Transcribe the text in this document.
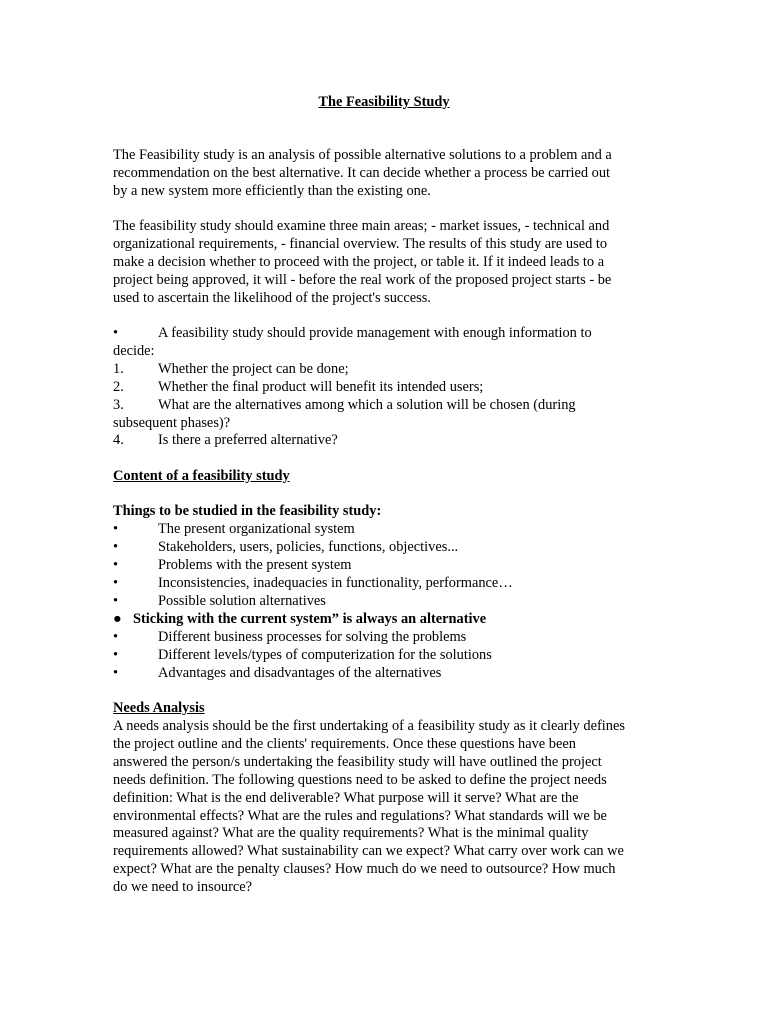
The Feasibility Study
The Feasibility study is an analysis of possible alternative solutions to a problem and a
recommendation on the best alternative. It can decide whether a process be carried out
by a new system more efficiently than the existing one.
The feasibility study should examine three main areas; - market issues, - technical and
organizational requirements, - financial overview. The results of this study are used to
make a decision whether to proceed with the project, or table it. If it indeed leads to a
project being approved, it will - before the real work of the proposed project starts - be
used to ascertain the likelihood of the project's success.
•	A feasibility study should provide management with enough information to
decide:
1. Whether the project can be done;
2. Whether the final product will benefit its intended users;
3. What are the alternatives among which a solution will be chosen (during
subsequent phases)?
4. Is there a preferred alternative?
Content of a feasibility study
Things to be studied in the feasibility study:
•	The present organizational system
•	Stakeholders, users, policies, functions, objectives...
•	Problems with the present system
•	Inconsistencies, inadequacies in functionality, performance…
•	Possible solution alternatives
● Sticking with the current system” is always an alternative
•	Different business processes for solving the problems
•	Different levels/types of computerization for the solutions
•	Advantages and disadvantages of the alternatives
Needs Analysis
A needs analysis should be the first undertaking of a feasibility study as it clearly defines
the project outline and the clients' requirements. Once these questions have been
answered the person/s undertaking the feasibility study will have outlined the project
needs definition. The following questions need to be asked to define the project needs
definition: What is the end deliverable? What purpose will it serve? What are the
environmental effects? What are the rules and regulations? What standards will we be
measured against? What are the quality requirements? What is the minimal quality
requirements allowed? What sustainability can we expect? What carry over work can we
expect? What are the penalty clauses? How much do we need to outsource? How much
do we need to insource?
